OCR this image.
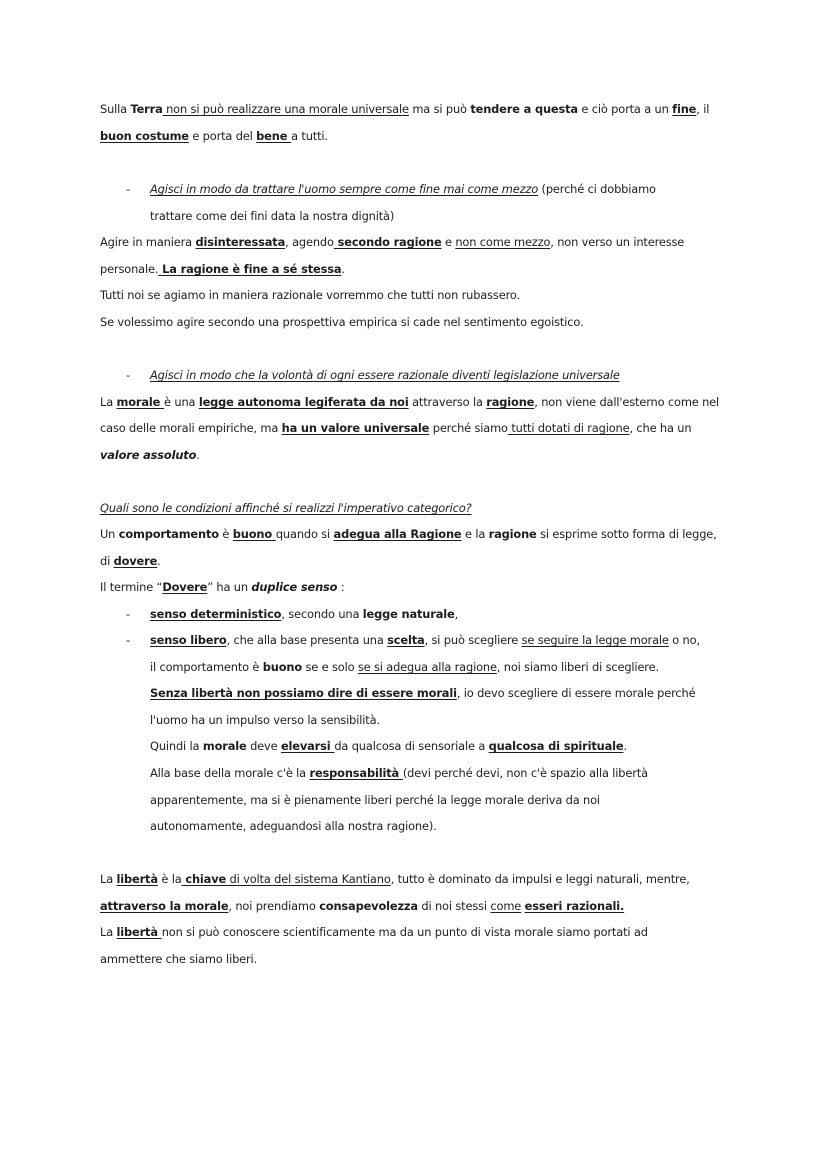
Sulla Terra non si può realizzare una morale universale ma si può tendere a questa e ciò porta a un fine, il
buon costume e porta del bene a tutti.
- Agisci in modo da trattare l'uomo sempre come fine mai come mezzo (perché ci dobbiamo
trattare come dei fini data la nostra dignità)
Agire in maniera disinteressata, agendo secondo ragione e non come mezzo, non verso un interesse
personale. La ragione è fine a sé stessa.
Tutti noi se agiamo in maniera razionale vorremmo che tutti non rubassero.
Se volessimo agire secondo una prospettiva empirica si cade nel sentimento egoistico.
- Agisci in modo che la volontà di ogni essere razionale diventi legislazione universale
La morale è una legge autonoma legiferata da noi attraverso la ragione, non viene dall'esterno come nel
caso delle morali empiriche, ma ha un valore universale perché siamo tutti dotati di ragione, che ha un
valore assoluto.
Quali sono le condizioni affinché si realizzi l'imperativo categorico?
Un comportamento è buono quando si adegua alla Ragione e la ragione si esprime sotto forma di legge,
di dovere.
Il termine “Dovere” ha un duplice senso :
- senso deterministico, secondo una legge naturale,
- senso libero, che alla base presenta una scelta, si può scegliere se seguire la legge morale o no,
il comportamento è buono se e solo se si adegua alla ragione, noi siamo liberi di scegliere.
Senza libertà non possiamo dire di essere morali, io devo scegliere di essere morale perché
l'uomo ha un impulso verso la sensibilità.
Quindi la morale deve elevarsi da qualcosa di sensoriale a qualcosa di spirituale.
Alla base della morale c'è la responsabilità (devi perché devi, non c'è spazio alla libertà
apparentemente, ma si è pienamente liberi perché la legge morale deriva da noi
autonomamente, adeguandosi alla nostra ragione).
La libertà è la chiave di volta del sistema Kantiano, tutto è dominato da impulsi e leggi naturali, mentre,
attraverso la morale, noi prendiamo consapevolezza di noi stessi come esseri razionali.
La libertà non si può conoscere scientificamente ma da un punto di vista morale siamo portati ad
ammettere che siamo liberi.
